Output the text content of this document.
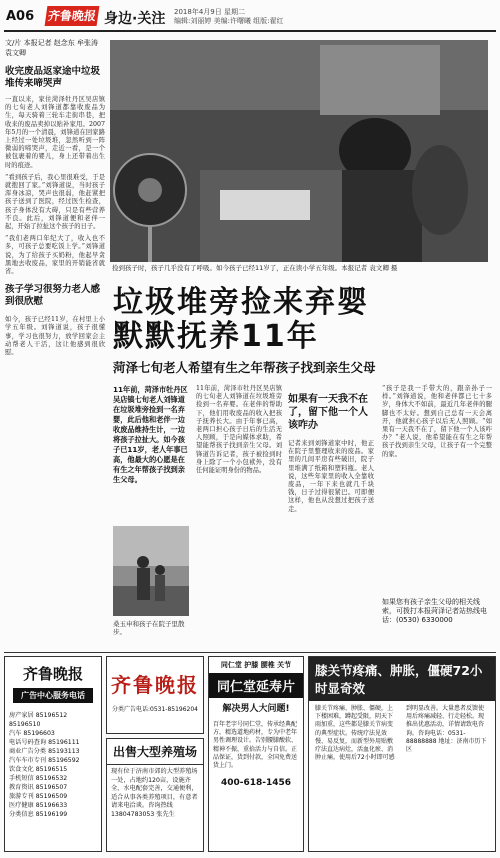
A06 齐鲁晚报 身边·关注 2018年4月9日 星期二
编辑:刘丽婷 美编:许曙曦 组版:翟红
文/片 本报记者 赵念东 牟张涛 袁文卿
收完废品返家途中垃圾堆传来啼哭声

一直以来，家住菏泽牡丹区吴店镇的七旬老人刘锋道都靠收废品为生，每天骑着三轮车走街串巷，把收来的废品卖掉以贴补家用。2007年5月的一个清晨，刘锋道在回家路上经过一处垃圾堆，忽然听到一阵微弱的啼哭声，走近一看，是一个被包裹着的婴儿，身上还带着出生时的痕迹。

“看到孩子后，我心里很难受，于是就抱回了家。”刘锋道说，当时孩子浑身冰凉，哭声也很弱，他赶紧把孩子送到了医院，经过医生检查，孩子身体没有大碍，只是有些营养不良。此后，刘锋道便和老伴一起，开始了拉扯这个孩子的日子。

“我们老两口年纪大了，收入也不多，可孩子总要吃饭上学。”刘锋道说，为了给孩子买奶粉，他起早贪黑地去收废品，家里的开销能省就省。

孩子学习很努力老人感到很欣慰

如今，孩子已经11岁，在村里上小学五年级。刘锋道说，孩子很懂事，学习也很努力，放学回家会主动帮老人干活，这让他感到很欣慰。

捡到孩子时，孩子几乎没有了呼吸。如今孩子已经11岁了，正在读小学五年级。本报记者 袁文卿 摄
垃圾堆旁捡来弃婴
默默抚养11年
菏泽七旬老人希望有生之年帮孩子找到亲生父母

11年前，菏泽市牡丹区吴店镇七旬老人刘锋道在垃圾堆旁捡到一名弃婴，此后他和老伴一边收废品维持生计，一边将孩子拉扯大。如今孩子已11岁，老人年事已高，他最大的心愿是在有生之年帮孩子找到亲生父母。

桑玉申和孩子在院子里散步。

11年前，菏泽市牡丹区吴店镇的七旬老人刘锋道在垃圾堆旁捡到一名弃婴。在老伴的帮助下，他们用收废品的收入把孩子抚养长大。由于年事已高，老两口担心孩子日后的生活无人照顾，于是向媒体求助，希望能帮孩子找到亲生父母。刘锋道告诉记者，孩子被捡到时身上除了一个小包袱外，没有任何能证明身份的物品。

如果有一天我不在了，留下他一个人该咋办

记者来到刘锋道家中时，他正在院子里整理收来的废品。家里的几间平房有些破旧，院子里堆满了纸箱和塑料瓶。老人说，这些年家里的收入全靠收废品，一年下来也就几千块钱，日子过得很紧巴。可即便这样，他也从没想过把孩子送走。

“孩子是我一手带大的，跟亲孙子一样。”刘锋道说，他和老伴都已七十多岁，身体大不如前，最近几年老伴的腿脚也不太好。想到自己总有一天会离开，他就担心孩子以后无人照顾。“如果有一天我不在了，留下他一个人该咋办？”老人说，他希望能在有生之年帮孩子找到亲生父母，让孩子有一个完整的家。

如果您有孩子亲生父母的相关线索，可拨打本报菏泽记者站热线电话：(0530) 6330000
齐鲁晚报
广告中心服务电话
房产家居 85196512 85196510
汽车 85196603
电话号码查询 85196111
商业广告分类 85193113
汽车车市专刊 85196592
饮食文化 85196515
手机短信 85196532
教育资讯 85196507
旅游专刊 85196509
医疗健康 85196633
分类信息 85196199
齐鲁晚报
分类广告电话:0531-85196204
出售大型养殖场
现有位于济南市郊的大型养殖场一处，占地约120亩，设施齐全，水电配套完善，交通便利，适合从事各类养殖项目，有意者请来电洽谈。咨询热线13804783053 张先生
同仁堂 护膝 腰椎 关节
同仁堂延寿片
解决男人大问题!
百年老字号同仁堂，传承经典配方，精选道地药材，专为中老年男性调理设计。告别腰膝酸软、精神不振，重拾活力与自信。正品保证，货到付款，全国免费送货上门。
400-618-1456
膝关节疼痛、肿胀，僵硬72小时显奇效
膝关节疼痛、肿胀、僵硬，上下楼困难，蹲起受限，阴天下雨加重，这些都是膝关节病变的典型症状。传统疗法见效慢、易反复，而新型外用贴敷疗法直达病灶，活血化瘀、消肿止痛，使用后72小时即可感到明显改善。大量患者反馈使用后疼痛减轻、行走轻松。现推出优惠活动，详情请致电咨询。咨询电话：0531-88888888 地址：济南市历下区
